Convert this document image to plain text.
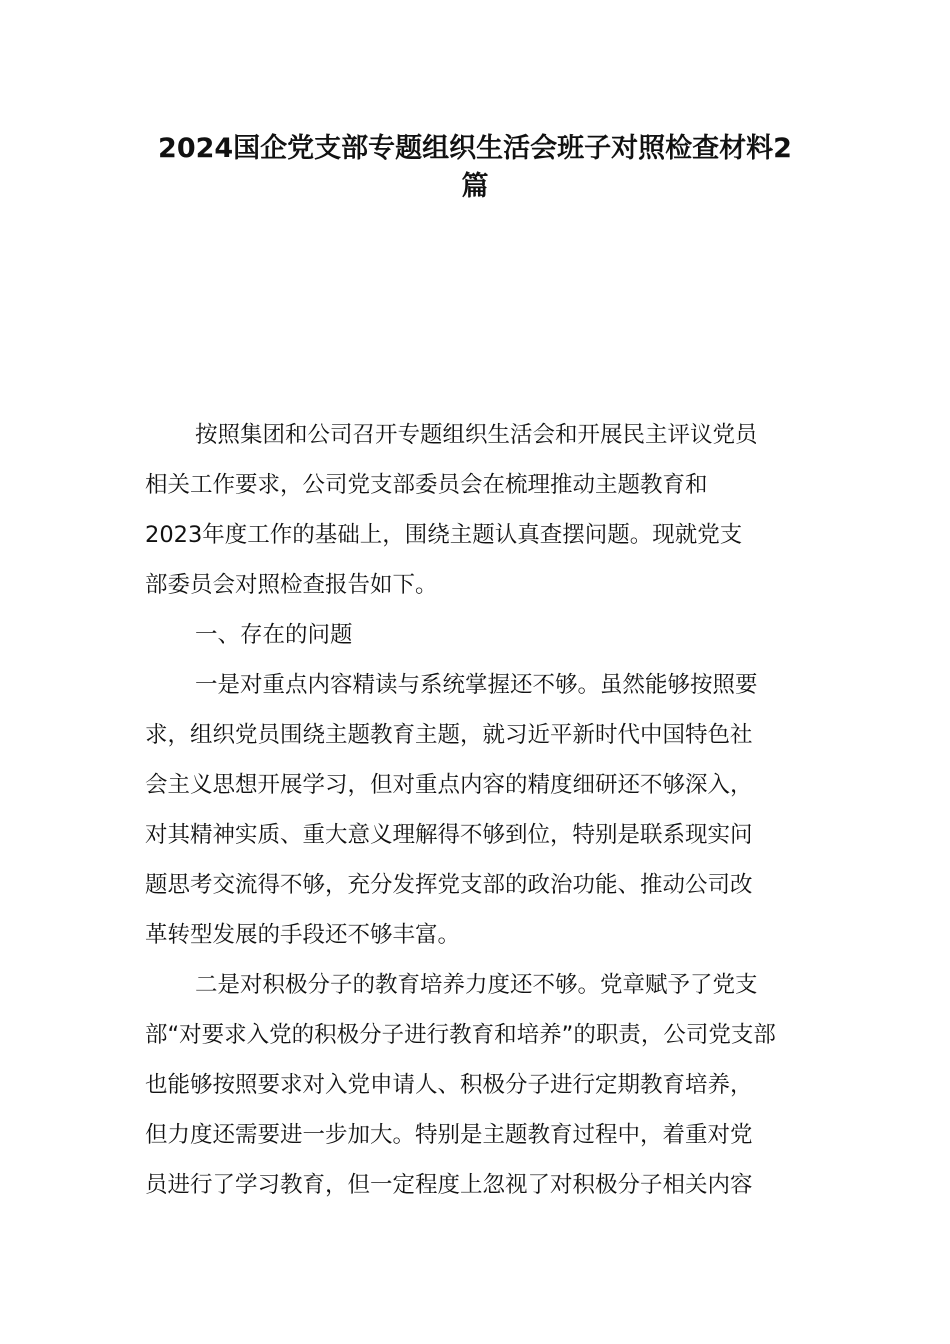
2024国企党支部专题组织生活会班子对照检查材料2
篇
按照集团和公司召开专题组织生活会和开展民主评议党员
相关工作要求，公司党支部委员会在梳理推动主题教育和
2023年度工作的基础上，围绕主题认真查摆问题。现就党支
部委员会对照检查报告如下。
一、存在的问题
一是对重点内容精读与系统掌握还不够。虽然能够按照要
求，组织党员围绕主题教育主题，就习近平新时代中国特色社
会主义思想开展学习，但对重点内容的精度细研还不够深入，
对其精神实质、重大意义理解得不够到位，特别是联系现实问
题思考交流得不够，充分发挥党支部的政治功能、推动公司改
革转型发展的手段还不够丰富。
二是对积极分子的教育培养力度还不够。党章赋予了党支
部“对要求入党的积极分子进行教育和培养”的职责，公司党支部
也能够按照要求对入党申请人、积极分子进行定期教育培养，
但力度还需要进一步加大。特别是主题教育过程中，着重对党
员进行了学习教育，但一定程度上忽视了对积极分子相关内容
